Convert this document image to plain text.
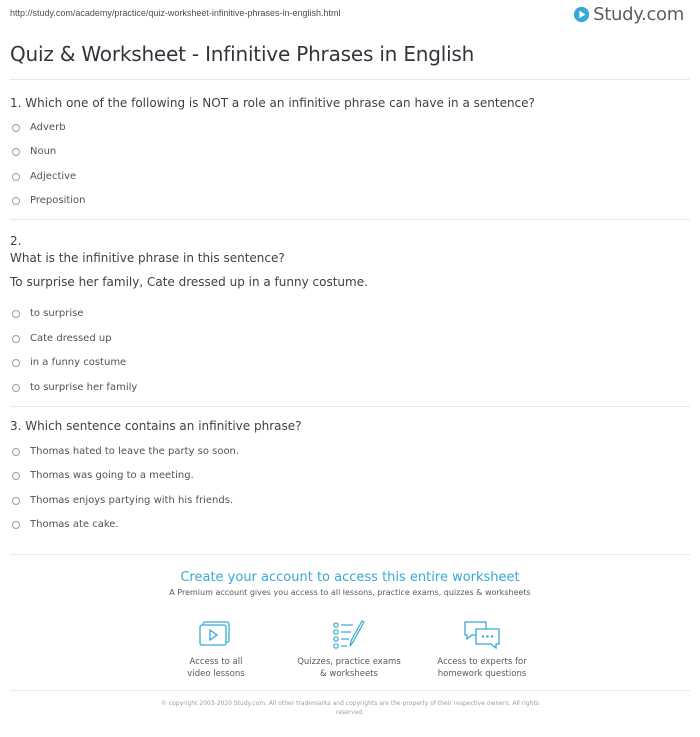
http://study.com/academy/practice/quiz-worksheet-infinitive-phrases-in-english.html	Study.com
Quiz & Worksheet - Infinitive Phrases in English

1. Which one of the following is NOT a role an infinitive phrase can have in a sentence?

Adverb
Noun
Adjective
Preposition

2.

What is the infinitive phrase in this sentence?

To surprise her family, Cate dressed up in a funny costume.

to surprise
Cate dressed up
in a funny costume
to surprise her family

3. Which sentence contains an infinitive phrase?

Thomas hated to leave the party so soon.
Thomas was going to a meeting.
Thomas enjoys partying with his friends.
Thomas ate cake.
Create your account to access this entire worksheet
A Premium account gives you access to all lessons, practice exams, quizzes & worksheets
Access to all
video lessons
Quizzes, practice exams
& worksheets
Access to experts for
homework questions
© copyright 2003-2020 Study.com. All other trademarks and copyrights are the property of their respective owners. All rights
reserved.
